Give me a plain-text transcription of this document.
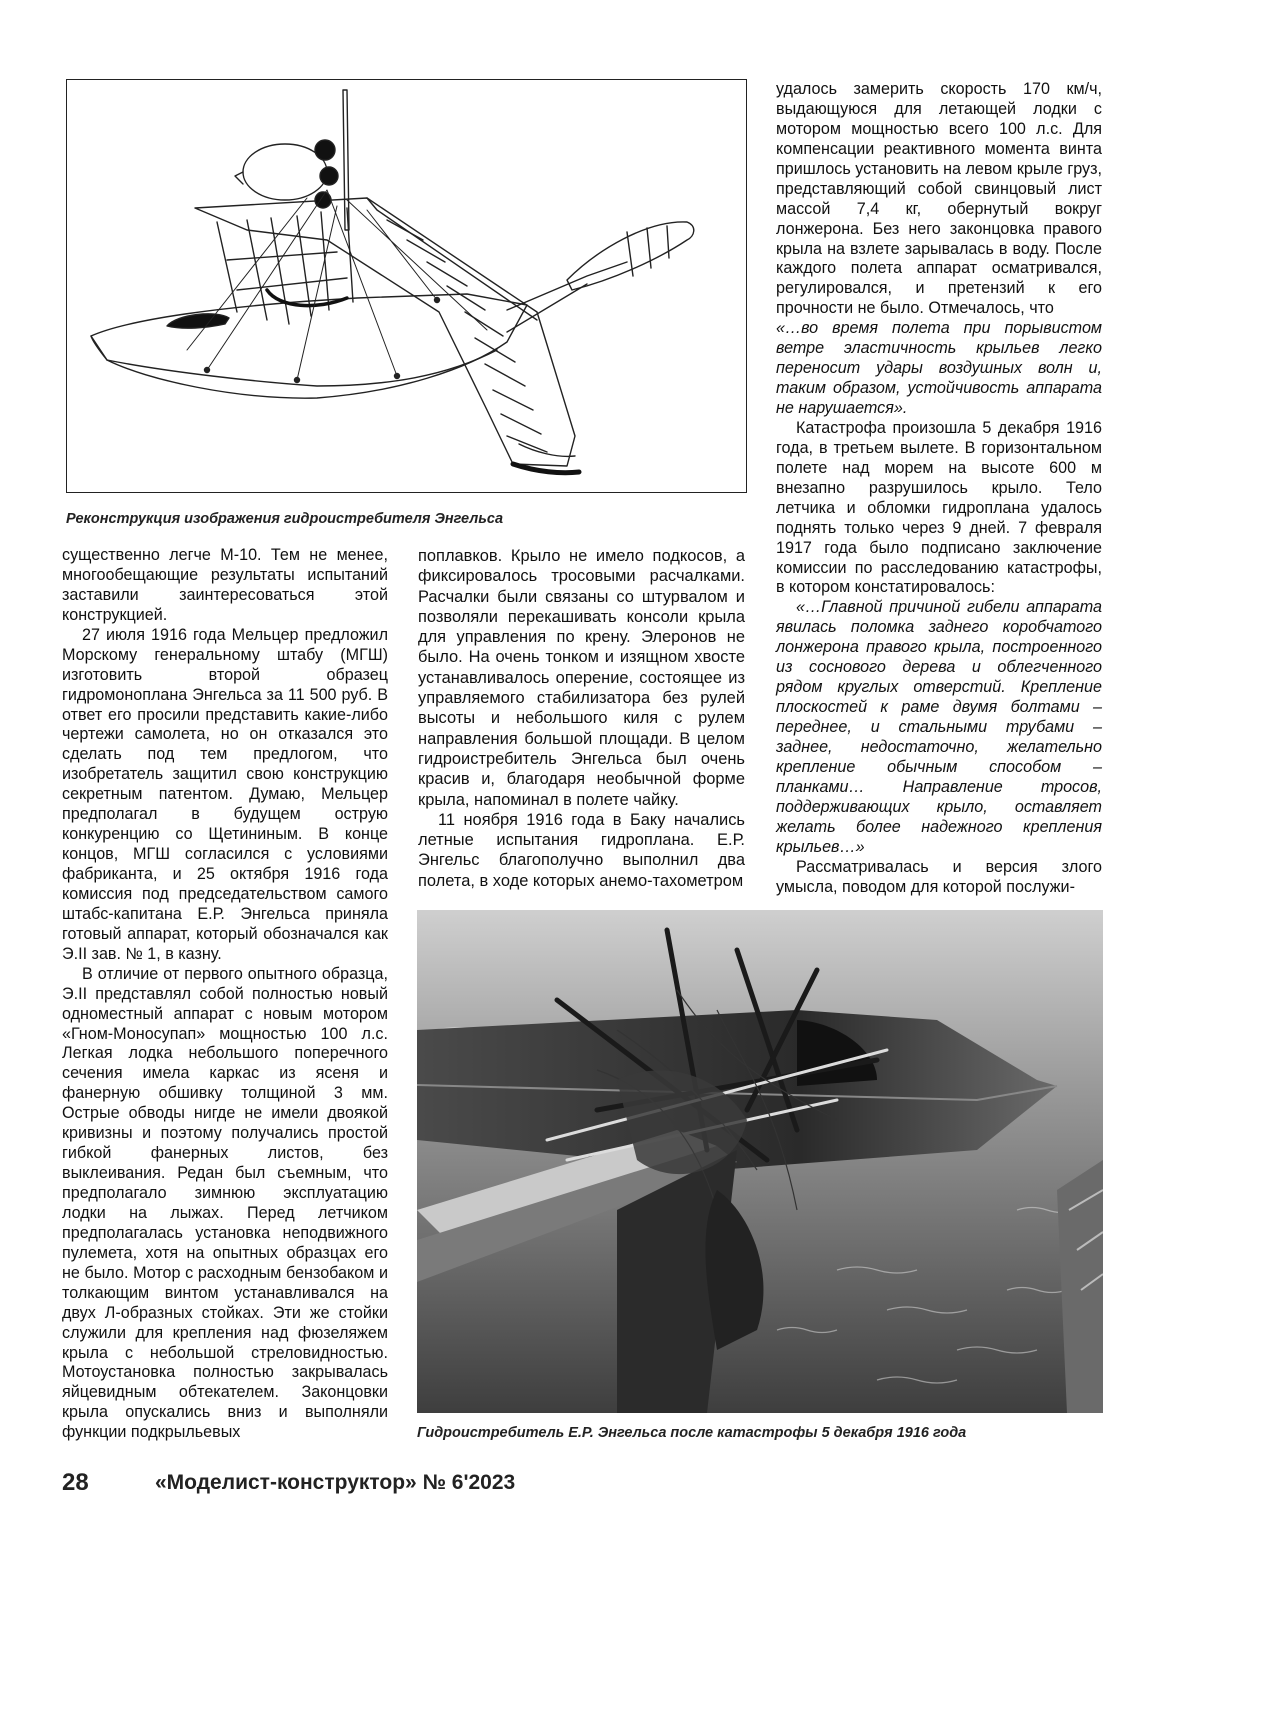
Реконструкция изображения гидроистребителя Энгельса

существенно легче М-10. Тем не менее, многообещающие результаты испытаний заставили заинтересоваться этой конструкцией.

27 июля 1916 года Мельцер предложил Морскому генеральному штабу (МГШ) изготовить второй образец гидромоноплана Энгельса за 11 500 руб. В ответ его просили представить какие-либо чертежи самолета, но он отказался это сделать под тем предлогом, что изобретатель защитил свою конструкцию секретным патентом. Думаю, Мельцер предполагал в будущем острую конкуренцию со Щетининым. В конце концов, МГШ согласился с условиями фабриканта, и 25 октября 1916 года комиссия под председательством самого штабс-капитана Е.Р. Энгельса приняла готовый аппарат, который обозначался как Э.II зав. № 1, в казну.

В отличие от первого опытного образца, Э.II представлял собой полностью новый одноместный аппарат с новым мотором «Гном-Моносупап» мощностью 100 л.с. Легкая лодка небольшого поперечного сечения имела каркас из ясеня и фанерную обшивку толщиной 3 мм. Острые обводы нигде не имели двоякой кривизны и поэтому получались простой гибкой фанерных листов, без выклеивания. Редан был съемным, что предполагало зимнюю эксплуатацию лодки на лыжах. Перед летчиком предполагалась установка неподвижного пулемета, хотя на опытных образцах его не было. Мотор с расходным бензобаком и толкающим винтом устанавливался на двух Л-образных стойках. Эти же стойки служили для крепления над фюзеляжем крыла с небольшой стреловидностью. Мотоустановка полностью закрывалась яйцевидным обтекателем. Законцовки крыла опускались вниз и выполняли функции подкрыльевых

поплавков. Крыло не имело подкосов, а фиксировалось тросовыми расчалками. Расчалки были связаны со штурвалом и позволяли перекашивать консоли крыла для управления по крену. Элеронов не было. На очень тонком и изящном хвосте устанавливалось оперение, состоящее из управляемого стабилизатора без рулей высоты и небольшого киля с рулем направления большой площади. В целом гидроистребитель Энгельса был очень красив и, благодаря необычной форме крыла, напоминал в полете чайку.

11 ноября 1916 года в Баку начались летные испытания гидроплана. Е.Р. Энгельс благополучно выполнил два полета, в ходе которых анемо-тахометром

удалось замерить скорость 170 км/ч, выдающуюся для летающей лодки с мотором мощностью всего 100 л.с. Для компенсации реактивного момента винта пришлось установить на левом крыле груз, представляющий собой свинцовый лист массой 7,4 кг, обернутый вокруг лонжерона. Без него законцовка правого крыла на взлете зарывалась в воду. После каждого полета аппарат осматривался, регулировался, и претензий к его прочности не было. Отмечалось, что

«…во время полета при порывистом ветре эластичность крыльев легко переносит удары воздушных волн и, таким образом, устойчивость аппарата не нарушается».

Катастрофа произошла 5 декабря 1916 года, в третьем вылете. В горизонтальном полете над морем на высоте 600 м внезапно разрушилось крыло. Тело летчика и обломки гидроплана удалось поднять только через 9 дней. 7 февраля 1917 года было подписано заключение комиссии по расследованию катастрофы, в котором констатировалось:

«…Главной причиной гибели аппарата явилась поломка заднего коробчатого лонжерона правого крыла, построенного из соснового дерева и облегченного рядом круглых отверстий. Крепление плоскостей к раме двумя болтами – переднее, и стальными трубами – заднее, недостаточно, желательно крепление обычным способом – планками… Направление тросов, поддерживающих крыло, оставляет желать более надежного крепления крыльев…»

Рассматривалась и версия злого умысла, поводом для которой послужи-

Гидроистребитель Е.Р. Энгельса после катастрофы 5 декабря 1916 года
28	«Моделист-конструктор» № 6'2023
